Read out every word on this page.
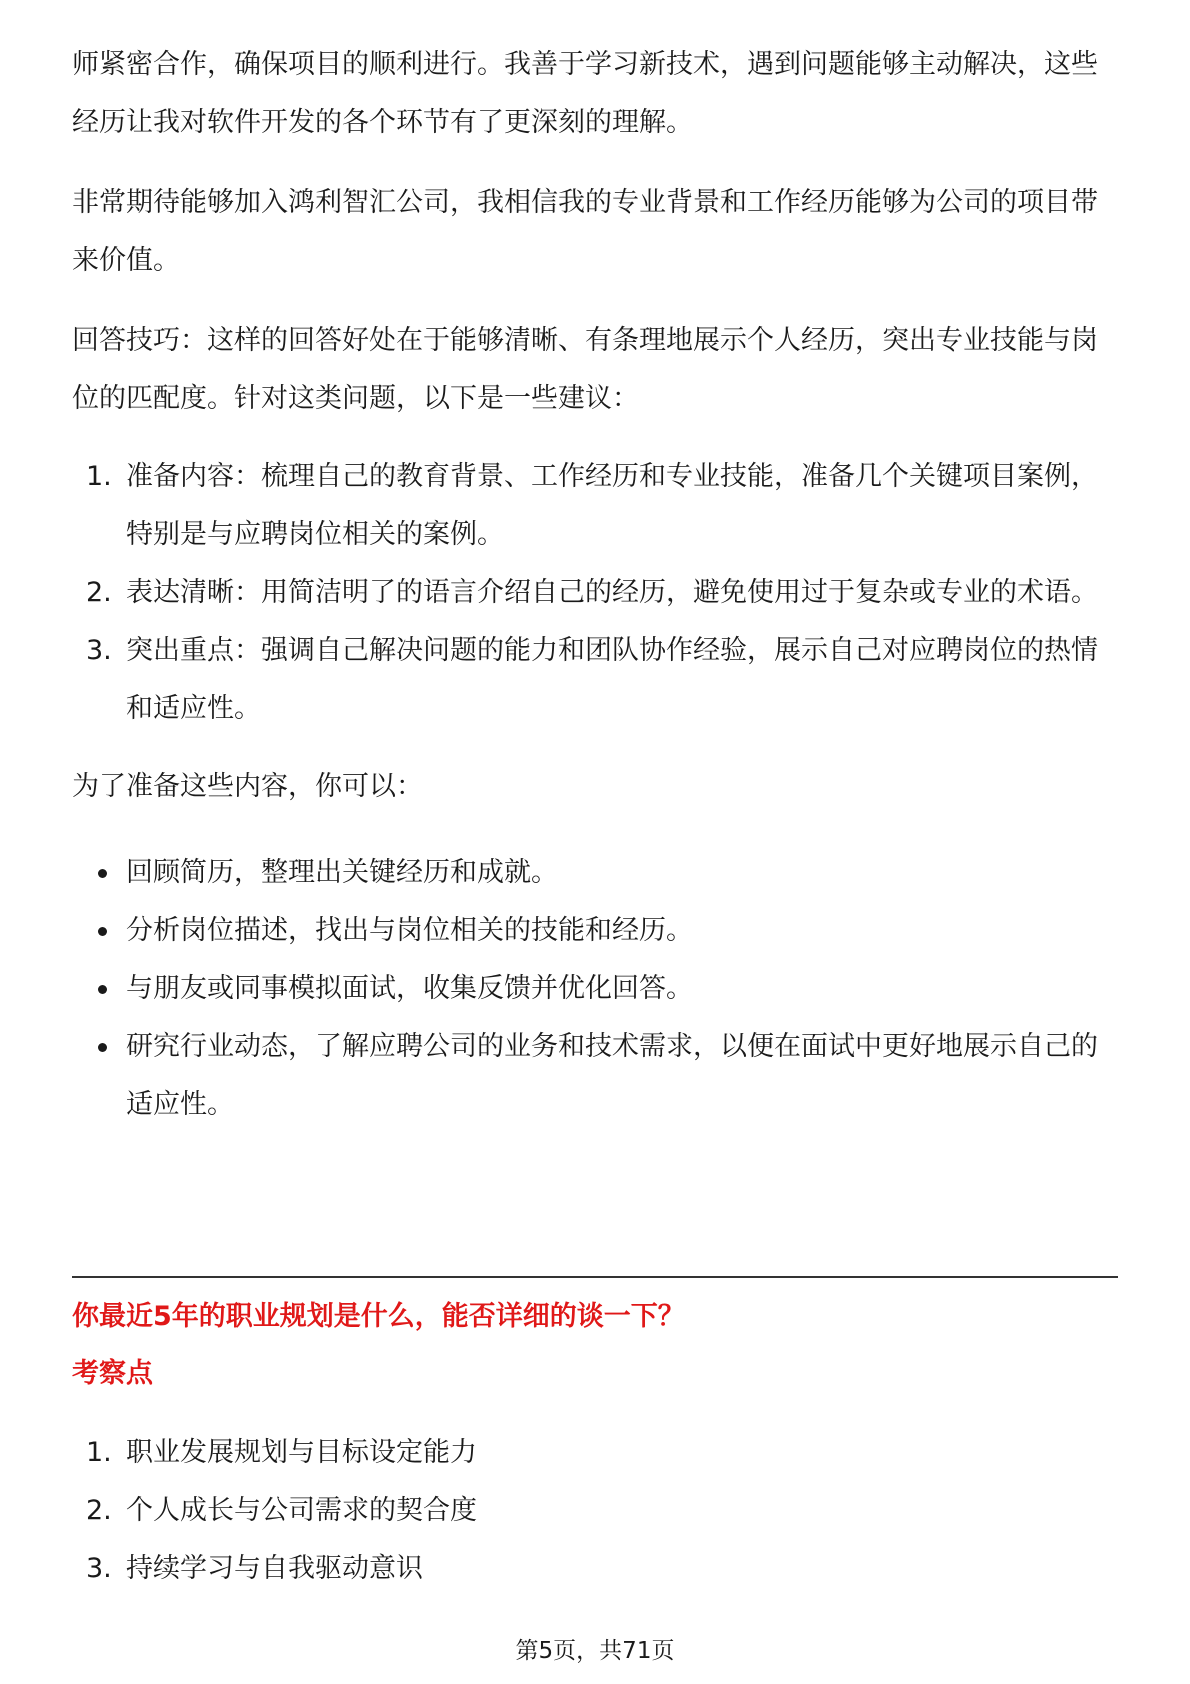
师紧密合作，确保项目的顺利进行。我善于学习新技术，遇到问题能够主动解决，这些经历让我对软件开发的各个环节有了更深刻的理解。

非常期待能够加入鸿利智汇公司，我相信我的专业背景和工作经历能够为公司的项目带来价值。

回答技巧：这样的回答好处在于能够清晰、有条理地展示个人经历，突出专业技能与岗位的匹配度。针对这类问题，以下是一些建议：

1. 准备内容：梳理自己的教育背景、工作经历和专业技能，准备几个关键项目案例，特别是与应聘岗位相关的案例。
2. 表达清晰：用简洁明了的语言介绍自己的经历，避免使用过于复杂或专业的术语。
3. 突出重点：强调自己解决问题的能力和团队协作经验，展示自己对应聘岗位的热情和适应性。

为了准备这些内容，你可以：

回顾简历，整理出关键经历和成就。
分析岗位描述，找出与岗位相关的技能和经历。
与朋友或同事模拟面试，收集反馈并优化回答。
研究行业动态，了解应聘公司的业务和技术需求，以便在面试中更好地展示自己的适应性。
你最近5年的职业规划是什么，能否详细的谈一下？
考察点
1. 职业发展规划与目标设定能力
2. 个人成长与公司需求的契合度
3. 持续学习与自我驱动意识
第5页，共71页
